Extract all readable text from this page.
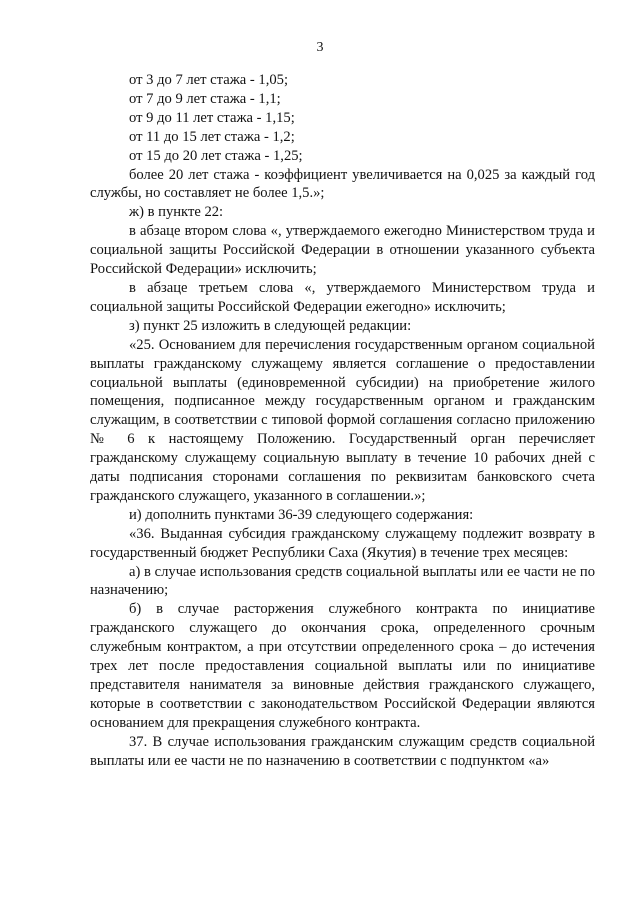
3

от 3 до 7 лет стажа - 1,05;

от 7 до 9 лет стажа - 1,1;

от 9 до 11 лет стажа - 1,15;

от 11 до 15 лет стажа - 1,2;

от 15 до 20 лет стажа - 1,25;

более 20 лет стажа - коэффициент увеличивается на 0,025 за каждый год службы, но составляет не более 1,5.»;

ж) в пункте 22:

в абзаце втором слова «, утверждаемого ежегодно Министерством труда и социальной защиты Российской Федерации в отношении указанного субъекта Российской Федерации» исключить;

в абзаце третьем слова «, утверждаемого Министерством труда и социальной защиты Российской Федерации ежегодно» исключить;

з) пункт 25 изложить в следующей редакции:

«25. Основанием для перечисления государственным органом социальной выплаты гражданскому служащему является соглашение о предоставлении социальной выплаты (единовременной субсидии) на приобретение жилого помещения, подписанное между государственным органом и гражданским служащим, в соответствии с типовой формой соглашения согласно приложению № 6 к настоящему Положению. Государственный орган перечисляет гражданскому служащему социальную выплату в течение 10 рабочих дней с даты подписания сторонами соглашения по реквизитам банковского счета гражданского служащего, указанного в соглашении.»;

и) дополнить пунктами 36-39 следующего содержания:

«36. Выданная субсидия гражданскому служащему подлежит возврату в государственный бюджет Республики Саха (Якутия) в течение трех месяцев:

а) в случае использования средств социальной выплаты или ее части не по назначению;

б) в случае расторжения служебного контракта по инициативе гражданского служащего до окончания срока, определенного срочным служебным контрактом, а при отсутствии определенного срока – до истечения трех лет после предоставления социальной выплаты или по инициативе представителя нанимателя за виновные действия гражданского служащего, которые в соответствии с законодательством Российской Федерации являются основанием для прекращения служебного контракта.

37. В случае использования гражданским служащим средств социальной выплаты или ее части не по назначению в соответствии с подпунктом «а»
